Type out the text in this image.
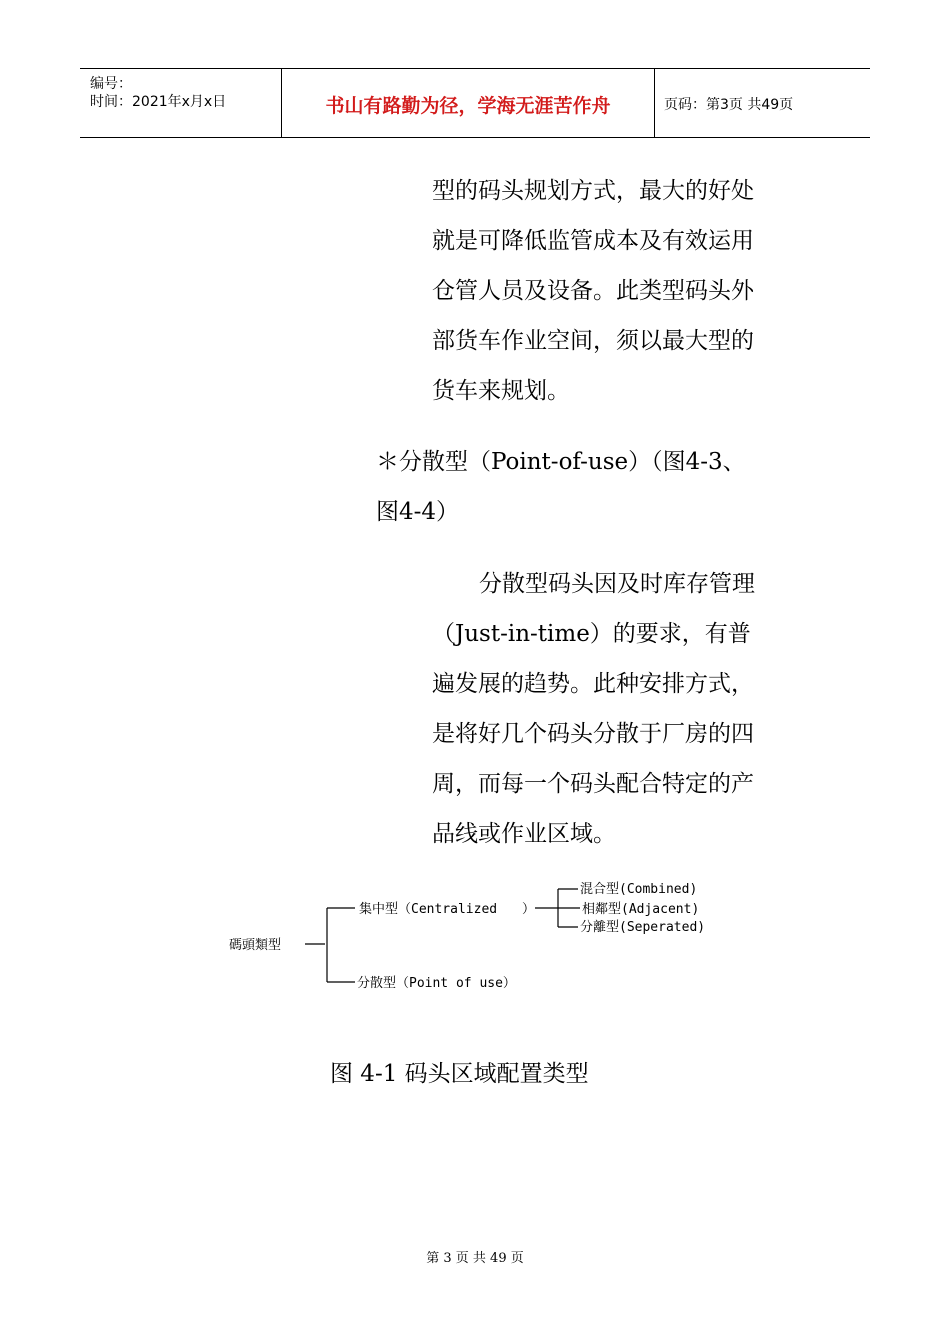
编号：
时间：2021年x月x日	书山有路勤为径，学海无涯苦作舟	页码：第3页 共49页
型的码头规划方式，最大的好处
就是可降低监管成本及有效运用
仓管人员及设备。此类型码头外
部货车作业空间，须以最大型的
货车来规划。
＊分散型（Point-of-use）（图4-3、
图4-4）
　分散型码头因及时库存管理
（Just-in-time）的要求，有普
遍发展的趋势。此种安排方式，
是将好几个码头分散于厂房的四
周，而每一个码头配合特定的产
品线或作业区域。
碼頭類型
集中型（Centralized ）
混合型(Combined)
相鄰型(Adjacent)
分離型(Seperated)
分散型（Point of use）
图 4-1 码头区域配置类型
第 3 页 共 49 页
